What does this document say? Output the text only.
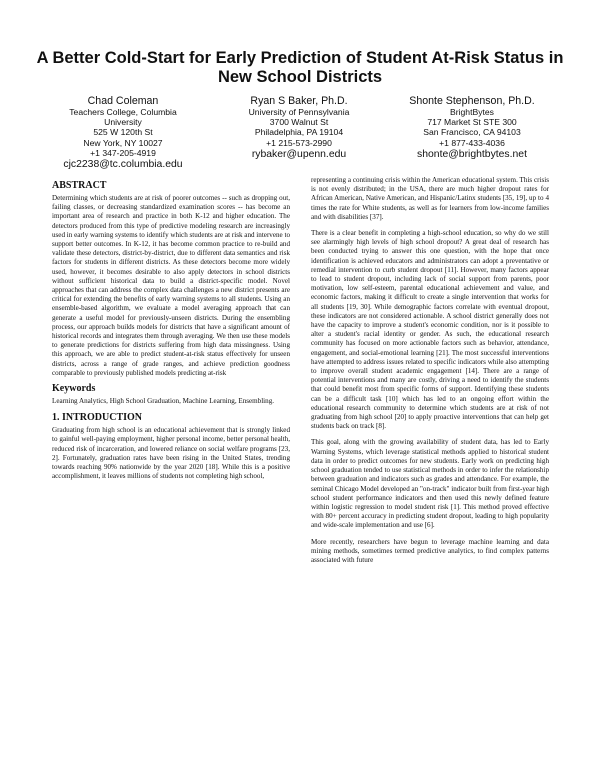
A Better Cold-Start for Early Prediction of Student At-Risk Status in New School Districts
Chad Coleman
Teachers College, Columbia
University
525 W 120th St
New York, NY 10027
+1 347-205-4919
cjc2238@tc.columbia.edu
Ryan S Baker, Ph.D.
University of Pennsylvania
3700 Walnut St
Philadelphia, PA 19104
+1 215-573-2990
rybaker@upenn.edu
Shonte Stephenson, Ph.D.
BrightBytes
717 Market St STE 300
San Francisco, CA 94103
+1 877-433-4036
shonte@brightbytes.net
ABSTRACT

Determining which students are at risk of poorer outcomes -- such as dropping out, failing classes, or decreasing standardized examination scores -- has become an important area of research and practice in both K-12 and higher education. The detectors produced from this type of predictive modeling research are increasingly used in early warning systems to identify which students are at risk and intervene to support better outcomes. In K-12, it has become common practice to re-build and validate these detectors, district-by-district, due to different data semantics and risk factors for students in different districts. As these detectors become more widely used, however, it becomes desirable to also apply detectors in school districts without sufficient historical data to build a district-specific model. Novel approaches that can address the complex data challenges a new district presents are critical for extending the benefits of early warning systems to all students. Using an ensemble-based algorithm, we evaluate a model averaging approach that can generate a useful model for previously-unseen districts. During the ensembling process, our approach builds models for districts that have a significant amount of historical records and integrates them through averaging. We then use these models to generate predictions for districts suffering from high data missingness. Using this approach, we are able to predict student-at-risk status effectively for unseen districts, across a range of grade ranges, and achieve prediction goodness comparable to previously published models predicting at-risk

Keywords

Learning Analytics, High School Graduation, Machine Learning, Ensembling.

1. INTRODUCTION

Graduating from high school is an educational achievement that is strongly linked to gainful well-paying employment, higher personal income, better personal health, reduced risk of incarceration, and lowered reliance on social welfare programs [23, 2]. Fortunately, graduation rates have been rising in the United States, trending towards reaching 90% nationwide by the year 2020 [18]. While this is a positive accomplishment, it leaves millions of students not completing high school,

representing a continuing crisis within the American educational system. This crisis is not evenly distributed; in the USA, there are much higher dropout rates for African American, Native American, and Hispanic/Latinx students [35, 19], up to 4 times the rate for White students, as well as for learners from low-income families and with disabilities [37].

There is a clear benefit in completing a high-school education, so why do we still see alarmingly high levels of high school dropout? A great deal of research has been conducted trying to answer this one question, with the hope that once identification is achieved educators and administrators can adopt a preventative or remedial intervention to curb student dropout [11]. However, many factors appear to lead to student dropout, including lack of social support from parents, poor motivation, low self-esteem, parental educational achievement and value, and economic factors, making it difficult to create a single intervention that works for all students [19, 30]. While demographic factors correlate with eventual dropout, these indicators are not considered actionable. A school district generally does not have the capacity to improve a student's economic condition, nor is it possible to alter a student's racial identity or gender. As such, the educational research community has focused on more actionable factors such as behavior, attendance, engagement, and social-emotional learning [21]. The most successful interventions have attempted to address issues related to specific indicators while also attempting to improve overall student academic engagement [14]. There are a range of potential interventions and many are costly, driving a need to identify the students that could benefit most from specific forms of support. Identifying these students can be a difficult task [10] which has led to an ongoing effort within the educational research community to determine which students are at risk of not graduating from high school [20] to apply proactive interventions that can help get students back on track [8].

This goal, along with the growing availability of student data, has led to Early Warning Systems, which leverage statistical methods applied to historical student data in order to predict outcomes for new students. Early work on predicting high school graduation tended to use statistical methods in order to infer the relationship between graduation and indicators such as grades and attendance. For example, the seminal Chicago Model developed an "on-track" indicator built from first-year high school student performance indicators and then used this newly defined feature within logistic regression to model student risk [1]. This method proved effective with 80+ percent accuracy in predicting student dropout, leading to high popularity and wide-scale implementation and use [6].

More recently, researchers have begun to leverage machine learning and data mining methods, sometimes termed predictive analytics, to find complex patterns associated with future
